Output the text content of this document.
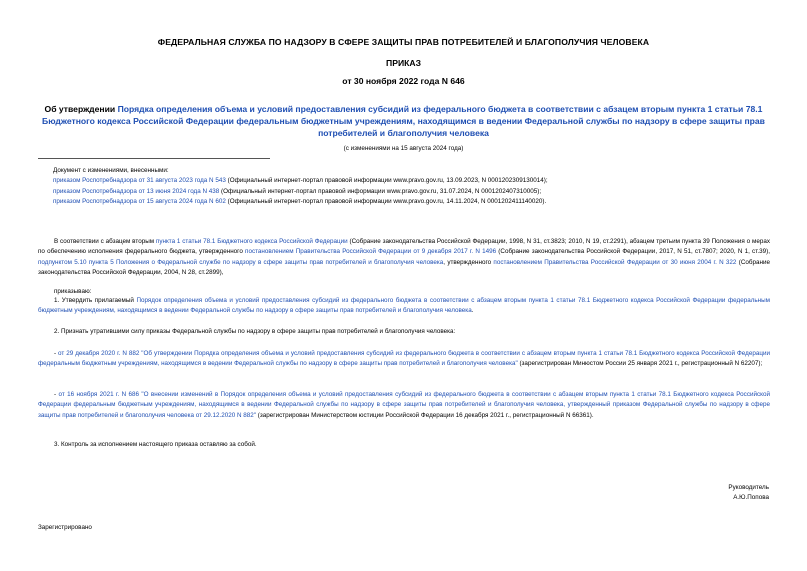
ФЕДЕРАЛЬНАЯ СЛУЖБА ПО НАДЗОРУ В СФЕРЕ ЗАЩИТЫ ПРАВ ПОТРЕБИТЕЛЕЙ И БЛАГОПОЛУЧИЯ ЧЕЛОВЕКА
ПРИКАЗ
от 30 ноября 2022 года N 646
Об утверждении Порядка определения объема и условий предоставления субсидий из федерального бюджета в соответствии с абзацем вторым пункта 1 статьи 78.1 Бюджетного кодекса Российской Федерации федеральным бюджетным учреждениям, находящимся в ведении Федеральной службы по надзору в сфере защиты прав потребителей и благополучия человека
(с изменениями на 15 августа 2024 года)
Документ с изменениями, внесенными:
приказом Роспотребнадзора от 31 августа 2023 года N 543 (Официальный интернет-портал правовой информации www.pravo.gov.ru, 13.09.2023, N 0001202309130014);
приказом Роспотребнадзора от 13 июня 2024 года N 438 (Официальный интернет-портал правовой информации www.pravo.gov.ru, 31.07.2024, N 0001202407310005);
приказом Роспотребнадзора от 15 августа 2024 года N 602 (Официальный интернет-портал правовой информации www.pravo.gov.ru, 14.11.2024, N 0001202411140020).
В соответствии с абзацем вторым пункта 1 статьи 78.1 Бюджетного кодекса Российской Федерации (Собрание законодательства Российской Федерации, 1998, N 31, ст.3823; 2010, N 19, ст.2291), абзацем третьим пункта 39 Положения о мерах по обеспечению исполнения федерального бюджета, утвержденного постановлением Правительства Российской Федерации от 9 декабря 2017 г. N 1496 (Собрание законодательства Российской Федерации, 2017, N 51, ст.7807; 2020, N 1, ст.39), подпунктом 5.10 пункта 5 Положения о Федеральной службе по надзору в сфере защиты прав потребителей и благополучия человека, утвержденного постановлением Правительства Российской Федерации от 30 июня 2004 г. N 322 (Собрание законодательства Российской Федерации, 2004, N 28, ст.2899),
приказываю:
1. Утвердить прилагаемый Порядок определения объема и условий предоставления субсидий из федерального бюджета в соответствии с абзацем вторым пункта 1 статьи 78.1 Бюджетного кодекса Российской Федерации федеральным бюджетным учреждениям, находящимся в ведении Федеральной службы по надзору в сфере защиты прав потребителей и благополучия человека.
2. Признать утратившими силу приказы Федеральной службы по надзору в сфере защиты прав потребителей и благополучия человека:
- от 29 декабря 2020 г. N 882 "Об утверждении Порядка определения объема и условий предоставления субсидий из федерального бюджета в соответствии с абзацем вторым пункта 1 статьи 78.1 Бюджетного кодекса Российской Федерации федеральным бюджетным учреждениям, находящимся в ведении Федеральной службы по надзору в сфере защиты прав потребителей и благополучия человека" (зарегистрирован Минюстом России 25 января 2021 г., регистрационный N 62207);
- от 16 ноября 2021 г. N 686 "О внесении изменений в Порядок определения объема и условий предоставления субсидий из федерального бюджета в соответствии с абзацем вторым пункта 1 статьи 78.1 Бюджетного кодекса Российской Федерации федеральным бюджетным учреждениям, находящимся в ведении Федеральной службы по надзору в сфере защиты прав потребителей и благополучия человека, утвержденный приказом Федеральной службы по надзору в сфере защиты прав потребителей и благополучия человека от 29.12.2020 N 882" (зарегистрирован Министерством юстиции Российской Федерации 16 декабря 2021 г., регистрационный N 66361).
3. Контроль за исполнением настоящего приказа оставляю за собой.
Руководитель
А.Ю.Попова
Зарегистрировано
